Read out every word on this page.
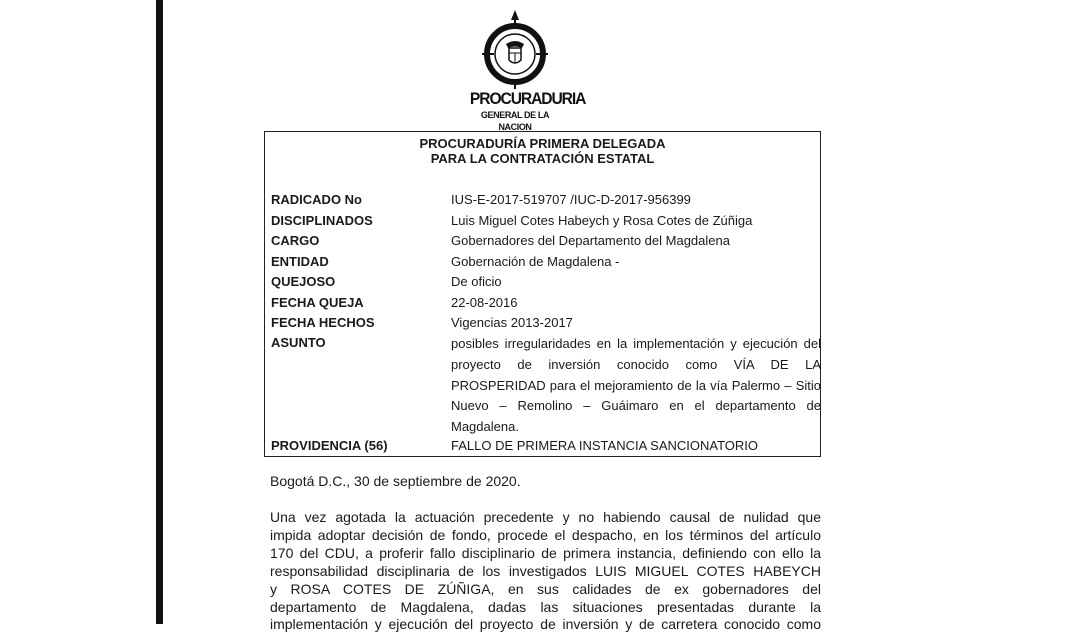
PROCURADURIA
GENERAL DE LA NACION
PROCURADURÍA PRIMERA DELEGADA
PARA LA CONTRATACIÓN ESTATAL
RADICADO No	IUS-E-2017-519707 /IUC-D-2017-956399
DISCIPLINADOS	Luis Miguel Cotes Habeych y Rosa Cotes de Zúñiga
CARGO	Gobernadores del Departamento del Magdalena
ENTIDAD	Gobernación de Magdalena -
QUEJOSO	De oficio
FECHA QUEJA	22-08-2016
FECHA HECHOS	Vigencias 2013-2017
ASUNTO	posibles irregularidades en la implementación y ejecución del proyecto de inversión conocido como VÍA DE LA PROSPERIDAD para el mejoramiento de la vía Palermo – Sitio Nuevo – Remolino – Guáimaro en el departamento de Magdalena.
PROVIDENCIA (56)	FALLO DE PRIMERA INSTANCIA SANCIONATORIO
Bogotá D.C., 30 de septiembre de 2020.
Una vez agotada la actuación precedente y no habiendo causal de nulidad que
impida adoptar decisión de fondo, procede el despacho, en los términos del artículo
170 del CDU, a proferir fallo disciplinario de primera instancia, definiendo con ello la
responsabilidad disciplinaria de los investigados LUIS MIGUEL COTES HABEYCH
y ROSA COTES DE ZÚÑIGA, en sus calidades de ex gobernadores del
departamento de Magdalena, dadas las situaciones presentadas durante la
implementación y ejecución del proyecto de inversión y de carretera conocido como
